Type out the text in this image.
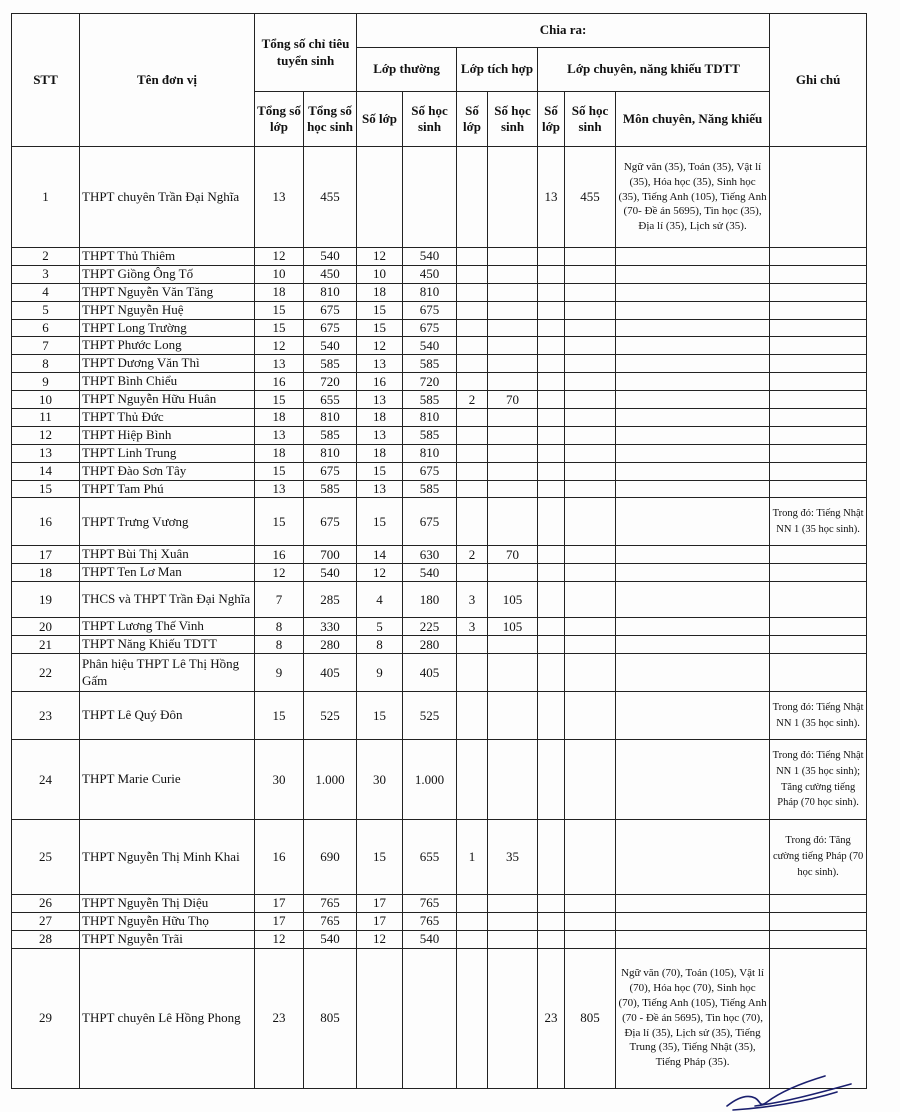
STT	Tên đơn vị	Tổng số chỉ tiêu tuyển sinh		Chia ra:							Ghi chú
				Lớp thường		Lớp tích hợp		Lớp chuyên, năng khiếu TDTT			
		Tổng số lớp	Tổng số học sinh	Số lớp	Số học sinh	Số lớp	Số học sinh	Số lớp	Số học sinh	Môn chuyên, Năng khiếu	
1	THPT chuyên Trần Đại Nghĩa	13	455					13	455	Ngữ văn (35), Toán (35), Vật lí (35), Hóa học (35), Sinh học (35), Tiếng Anh (105), Tiếng Anh (70- Đề án 5695), Tin học (35), Địa lí (35), Lịch sử (35).	
2	THPT Thủ Thiêm	12	540	12	540						
3	THPT Giồng Ông Tố	10	450	10	450						
4	THPT Nguyễn Văn Tăng	18	810	18	810						
5	THPT Nguyễn Huệ	15	675	15	675						
6	THPT Long Trường	15	675	15	675						
7	THPT Phước Long	12	540	12	540						
8	THPT Dương Văn Thì	13	585	13	585						
9	THPT Bình Chiểu	16	720	16	720						
10	THPT Nguyễn Hữu Huân	15	655	13	585	2	70				
11	THPT Thủ Đức	18	810	18	810						
12	THPT Hiệp Bình	13	585	13	585						
13	THPT Linh Trung	18	810	18	810						
14	THPT Đào Sơn Tây	15	675	15	675						
15	THPT Tam Phú	13	585	13	585						
16	THPT Trưng Vương	15	675	15	675						Trong đó: Tiếng Nhật NN 1 (35 học sinh).
17	THPT Bùi Thị Xuân	16	700	14	630	2	70				
18	THPT Ten Lơ Man	12	540	12	540						
19	THCS và THPT Trần Đại Nghĩa	7	285	4	180	3	105				
20	THPT Lương Thế Vinh	8	330	5	225	3	105				
21	THPT Năng Khiếu TDTT	8	280	8	280						
22	Phân hiệu THPT Lê Thị Hồng Gấm	9	405	9	405						
23	THPT Lê Quý Đôn	15	525	15	525						Trong đó: Tiếng Nhật NN 1 (35 học sinh).
24	THPT Marie Curie	30	1.000	30	1.000						Trong đó: Tiếng Nhật NN 1 (35 học sinh); Tăng cường tiếng Pháp (70 học sinh).
25	THPT Nguyễn Thị Minh Khai	16	690	15	655	1	35				Trong đó: Tăng cường tiếng Pháp (70 học sinh).
26	THPT Nguyễn Thị Diệu	17	765	17	765						
27	THPT Nguyễn Hữu Thọ	17	765	17	765						
28	THPT Nguyễn Trãi	12	540	12	540						
29	THPT chuyên Lê Hồng Phong	23	805					23	805	Ngữ văn (70), Toán (105), Vật lí (70), Hóa học (70), Sinh học (70), Tiếng Anh (105), Tiếng Anh (70 - Đề án 5695), Tin học (70), Địa lí (35), Lịch sử (35), Tiếng Trung (35), Tiếng Nhật (35), Tiếng Pháp (35).	
